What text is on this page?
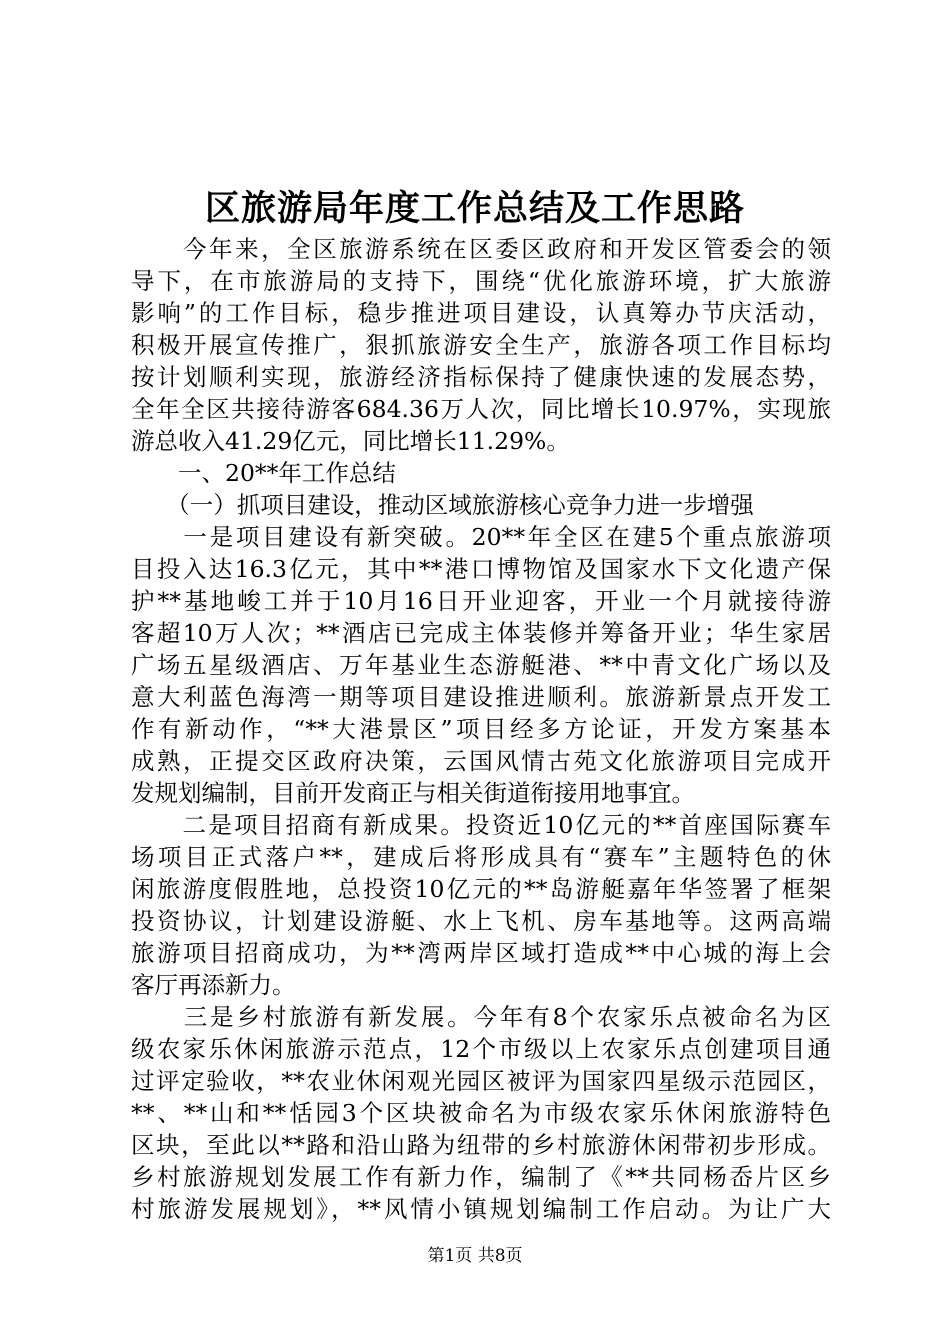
区旅游局年度工作总结及工作思路
　　今年来，全区旅游系统在区委区政府和开发区管委会的领
导下，在市旅游局的支持下，围绕“优化旅游环境，扩大旅游
影响”的工作目标，稳步推进项目建设，认真筹办节庆活动，
积极开展宣传推广，狠抓旅游安全生产，旅游各项工作目标均
按计划顺利实现，旅游经济指标保持了健康快速的发展态势，
全年全区共接待游客684.36万人次，同比增长10.97%，实现旅
游总收入41.29亿元，同比增长11.29%。
　　一、20**年工作总结
　　（一）抓项目建设，推动区域旅游核心竞争力进一步增强
　　一是项目建设有新突破。20**年全区在建5个重点旅游项
目投入达16.3亿元，其中**港口博物馆及国家水下文化遗产保
护**基地峻工并于10月16日开业迎客，开业一个月就接待游
客超10万人次；**酒店已完成主体装修并筹备开业；华生家居
广场五星级酒店、万年基业生态游艇港、**中青文化广场以及
意大利蓝色海湾一期等项目建设推进顺利。旅游新景点开发工
作有新动作，“**大港景区”项目经多方论证，开发方案基本
成熟，正提交区政府决策，云国风情古苑文化旅游项目完成开
发规划编制，目前开发商正与相关街道衔接用地事宜。
　　二是项目招商有新成果。投资近10亿元的**首座国际赛车
场项目正式落户**，建成后将形成具有“赛车”主题特色的休
闲旅游度假胜地，总投资10亿元的**岛游艇嘉年华签署了框架
投资协议，计划建设游艇、水上飞机、房车基地等。这两高端
旅游项目招商成功，为**湾两岸区域打造成**中心城的海上会
客厅再添新力。
　　三是乡村旅游有新发展。今年有8个农家乐点被命名为区
级农家乐休闲旅游示范点，12个市级以上农家乐点创建项目通
过评定验收，**农业休闲观光园区被评为国家四星级示范园区，
**、**山和**恬园3个区块被命名为市级农家乐休闲旅游特色
区块，至此以**路和沿山路为纽带的乡村旅游休闲带初步形成。
乡村旅游规划发展工作有新力作，编制了《**共同杨岙片区乡
村旅游发展规划》，**风情小镇规划编制工作启动。为让广大
第1页 共8页
